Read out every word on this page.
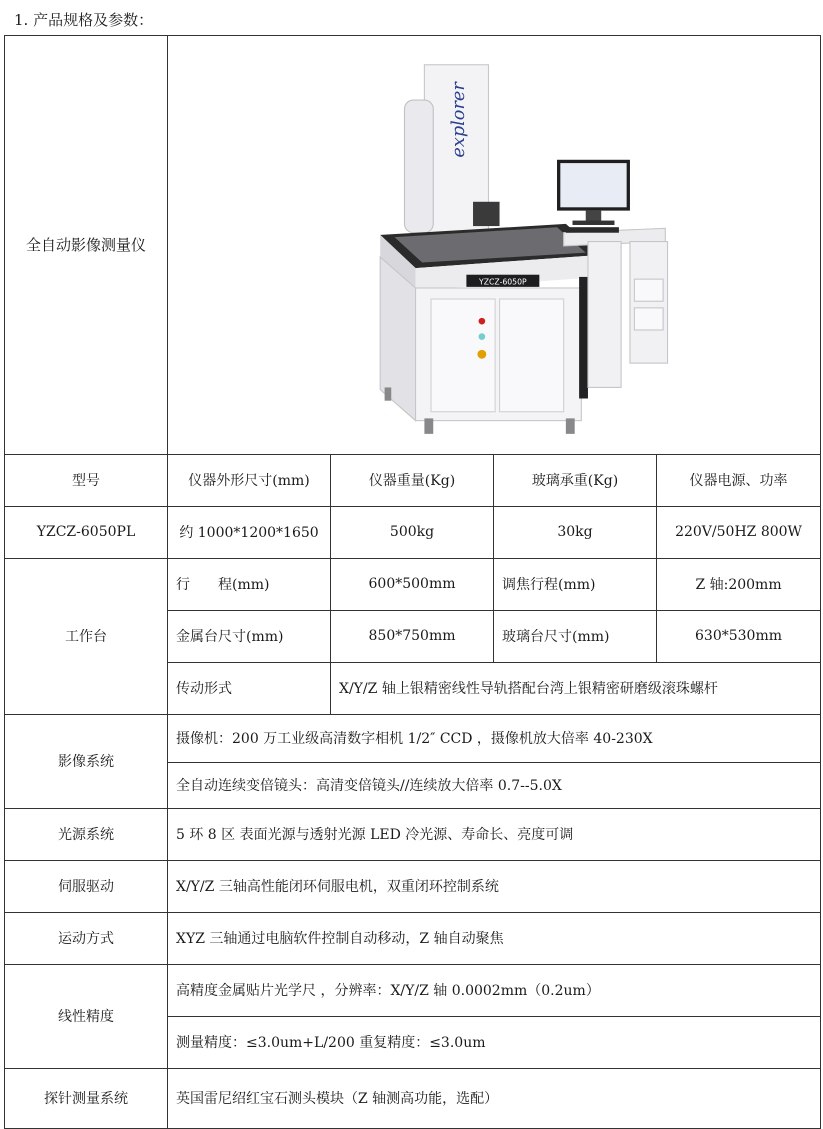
1. 产品规格及参数：
全自动影像测量仪	explorer
YZCZ-6050P			

型号	仪器外形尺寸(mm)	仪器重量(Kg)	玻璃承重(Kg)	仪器电源、功率
YZCZ-6050PL	约 1000*1200*1650	500kg	30kg	220V/50HZ 800W
工作台	行　　程(mm)	600*500mm	调焦行程(mm)	Z 轴:200mm
	金属台尺寸(mm)	850*750mm	玻璃台尺寸(mm)	630*530mm
	传动形式	X/Y/Z 轴上银精密线性导轨搭配台湾上银精密研磨级滚珠螺杆		
影像系统	摄像机：200 万工业级高清数字相机 1/2″ CCD ，摄像机放大倍率 40-230X			
	全自动连续变倍镜头：高清变倍镜头//连续放大倍率 0.7--5.0X			
光源系统	5 环 8 区 表面光源与透射光源 LED 冷光源、寿命长、亮度可调			
伺服驱动	X/Y/Z 三轴高性能闭环伺服电机，双重闭环控制系统			
运动方式	XYZ 三轴通过电脑软件控制自动移动，Z 轴自动聚焦			
线性精度	高精度金属贴片光学尺 ，分辨率：X/Y/Z 轴 0.0002mm（0.2um）			
	测量精度：≤3.0um+L/200 重复精度：≤3.0um			
探针测量系统	英国雷尼绍红宝石测头模块（Z 轴测高功能，选配）			
